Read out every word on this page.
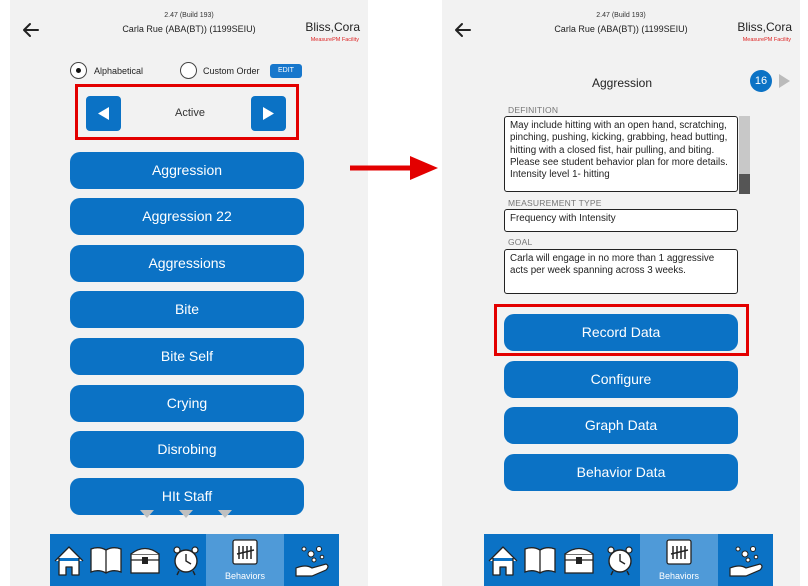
2.47 (Build 193)
Carla Rue (ABA(BT)) (1199SEIU)	Bliss,Cora
MeasurePM Facility
Alphabetical	Custom Order	EDIT
Active
Aggression
Aggression 22
Aggressions
Bite
Bite Self
Crying
Disrobing
HIt Staff
Behaviors
2.47 (Build 193)
Carla Rue (ABA(BT)) (1199SEIU)	Bliss,Cora
MeasurePM Facility
Aggression	16
DEFINITION
May include hitting with an open hand, scratching, pinching, pushing, kicking, grabbing, head butting, hitting with a closed fist, hair pulling, and biting. Please see student behavior plan for more details. Intensity level 1- hitting
MEASUREMENT TYPE
Frequency with Intensity
GOAL
Carla will engage in no more than 1 aggressive acts per week spanning across 3 weeks.
Record Data
Configure
Graph Data
Behavior Data
Behaviors
